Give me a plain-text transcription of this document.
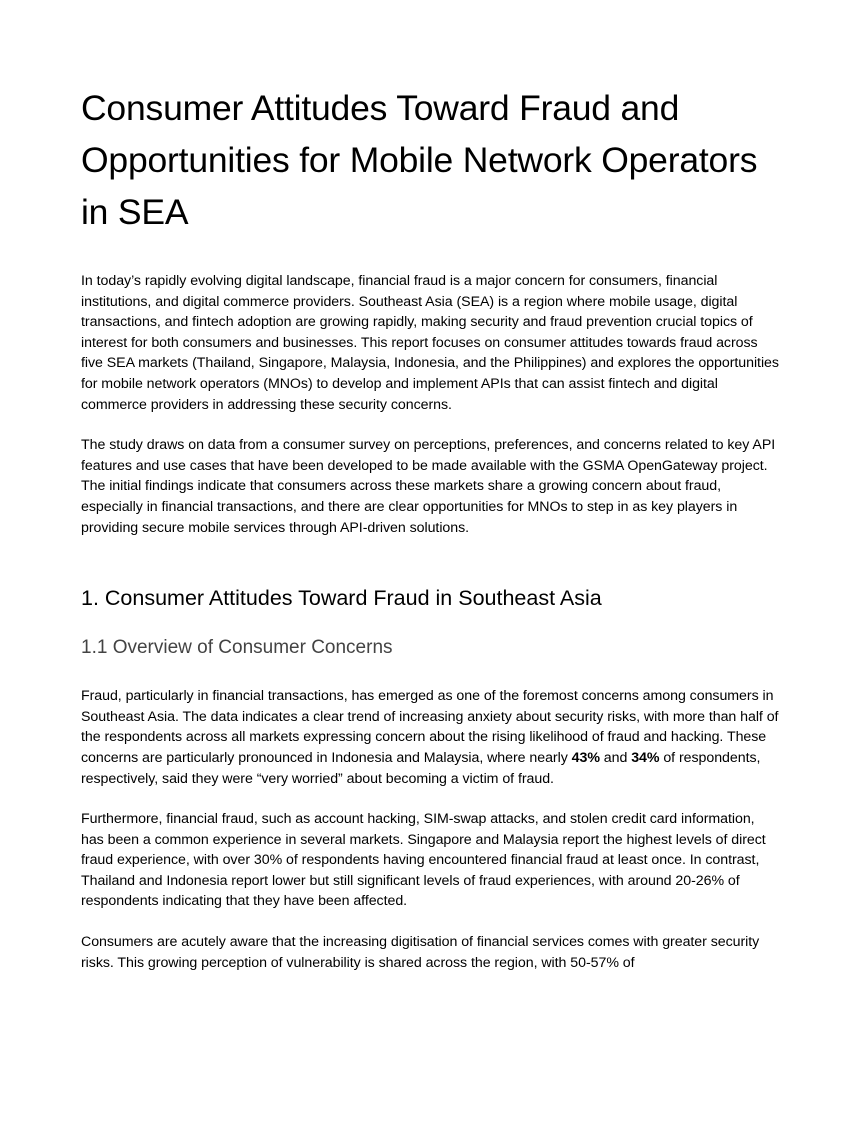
Consumer Attitudes Toward Fraud and Opportunities for Mobile Network Operators in SEA

In today’s rapidly evolving digital landscape, financial fraud is a major concern for consumers, financial institutions, and digital commerce providers. Southeast Asia (SEA) is a region where mobile usage, digital transactions, and fintech adoption are growing rapidly, making security and fraud prevention crucial topics of interest for both consumers and businesses. This report focuses on consumer attitudes towards fraud across five SEA markets (Thailand, Singapore, Malaysia, Indonesia, and the Philippines) and explores the opportunities for mobile network operators (MNOs) to develop and implement APIs that can assist fintech and digital commerce providers in addressing these security concerns.

The study draws on data from a consumer survey on perceptions, preferences, and concerns related to key API features and use cases that have been developed to be made available with the GSMA OpenGateway project. The initial findings indicate that consumers across these markets share a growing concern about fraud, especially in financial transactions, and there are clear opportunities for MNOs to step in as key players in providing secure mobile services through API-driven solutions.

1. Consumer Attitudes Toward Fraud in Southeast Asia
1.1 Overview of Consumer Concerns

Fraud, particularly in financial transactions, has emerged as one of the foremost concerns among consumers in Southeast Asia. The data indicates a clear trend of increasing anxiety about security risks, with more than half of the respondents across all markets expressing concern about the rising likelihood of fraud and hacking. These concerns are particularly pronounced in Indonesia and Malaysia, where nearly 43% and 34% of respondents, respectively, said they were “very worried” about becoming a victim of fraud.

Furthermore, financial fraud, such as account hacking, SIM-swap attacks, and stolen credit card information, has been a common experience in several markets. Singapore and Malaysia report the highest levels of direct fraud experience, with over 30% of respondents having encountered financial fraud at least once. In contrast, Thailand and Indonesia report lower but still significant levels of fraud experiences, with around 20-26% of respondents indicating that they have been affected.

Consumers are acutely aware that the increasing digitisation of financial services comes with greater security risks. This growing perception of vulnerability is shared across the region, with 50-57% of
